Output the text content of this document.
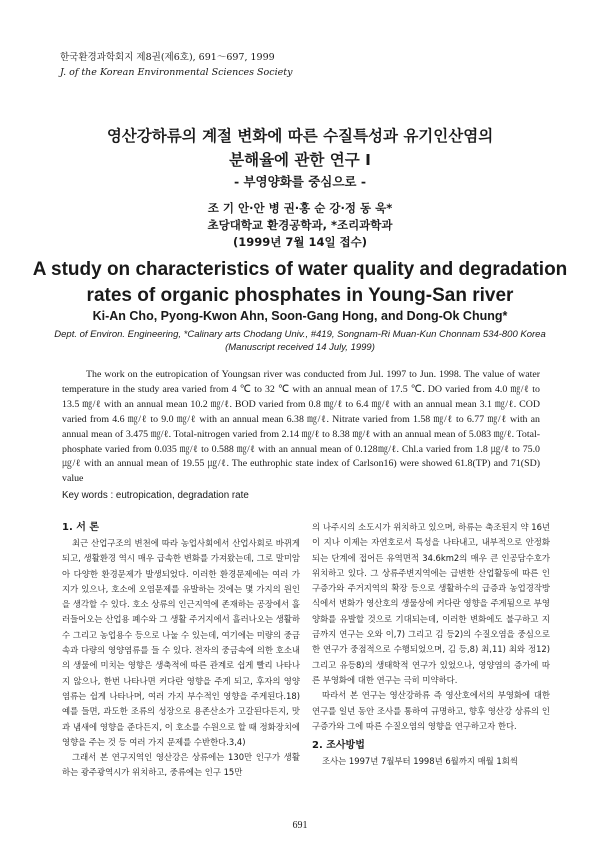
한국환경과학회지 제8권(제6호), 691～697, 1999
J. of the Korean Environmental Sciences Society
영산강하류의 계절 변화에 따른 수질특성과 유기인산염의
분해율에 관한 연구 Ⅰ
- 부영양화를 중심으로 -
조 기 안·안 병 권·홍 순 강·정 동 욱*
초당대학교 환경공학과, *조리과학과
(1999년 7월 14일 접수)
A study on characteristics of water quality and degradation
rates of organic phosphates in Young-San river
Ki-An Cho, Pyong-Kwon Ahn, Soon-Gang Hong, and Dong-Ok Chung*
Dept. of Environ. Engineering, *Calinary arts Chodang Univ., #419, Songnam-Ri Muan-Kun Chonnam 534-800 Korea
(Manuscript received 14 July, 1999)

The work on the eutropication of Youngsan river was conducted from Jul. 1997 to Jun. 1998. The value of water temperature in the study area varied from 4 ℃ to 32 ℃ with an annual mean of 17.5 ℃. DO varied from 4.0 ㎎/ℓ to 13.5 ㎎/ℓ with an annual mean 10.2 ㎎/ℓ. BOD varied from 0.8 ㎎/ℓ to 6.4 ㎎/ℓ with an annual mean 3.1 ㎎/ℓ. COD varied from 4.6 ㎎/ℓ to 9.0 ㎎/ℓ with an annual mean 6.38 ㎎/ℓ. Nitrate varied from 1.58 ㎎/ℓ to 6.77 ㎎/ℓ with an annual mean of 3.475 ㎎/ℓ. Total-nitrogen varied from 2.14 ㎎/ℓ to 8.38 ㎎/ℓ with an annual mean of 5.083 ㎎/ℓ. Total-phosphate varied from 0.035 ㎎/ℓ to 0.588 ㎎/ℓ with an annual mean of 0.128㎎/ℓ. Chl.a varied from 1.8 ㎍/ℓ to 75.0 ㎍/ℓ with an annual mean of 19.55 ㎍/ℓ. The euthrophic state index of Carlson16) were showed 61.8(TP) and 71(SD) value

Key words : eutropication, degradation rate
1. 서 론

최근 산업구조의 변천에 따라 농업사회에서 산업사회로 바뀌게 되고, 생활환경 역시 매우 급속한 변화를 가져왔는데, 그로 말미암아 다양한 환경문제가 발생되었다. 이러한 환경문제에는 여러 가지가 있으나, 호소에 오염문제를 유발하는 것에는 몇 가지의 원인을 생각할 수 있다. 호소 상류의 인근지역에 존재하는 공장에서 흘러들어오는 산업용 폐수와 그 생활 주거지에서 흘러나오는 생활하수 그리고 농업용수 등으로 나눌 수 있는데, 여기에는 미량의 중금속과 다량의 영양염류를 들 수 있다. 전자의 중금속에 의한 호소내의 생물에 미치는 영향은 생축적에 따른 관계로 쉽게 빨리 나타나지 않으나, 한번 나타나면 커다란 영향을 주게 되고, 후자의 영양염류는 쉽게 나타나며, 여러 가지 부수적인 영향을 주게된다.18) 예를 들면, 과도한 조류의 성장으로 용존산소가 고갈된다든지, 맛과 냄새에 영향을 준다든지, 이 호소를 수원으로 할 때 정화장치에 영향을 주는 것 등 여러 가지 문제를 수반한다.3,4)

그래서 본 연구지역인 영산강은 상류에는 130만 인구가 생활하는 광주광역시가 위치하고, 중류에는 인구 15만

의 나주시의 소도시가 위치하고 있으며, 하류는 축조된지 약 16년이 지나 이제는 자연호로서 특성을 나타내고, 내부적으로 안정화되는 단계에 접어든 유역면적 34.6km2의 매우 큰 인공담수호가 위치하고 있다. 그 상류주변지역에는 급변한 산업활동에 따른 인구증가와 주거지역의 확장 등으로 생활하수의 급증과 농업경작방식에서 변화가 영산호의 생물상에 커다란 영향을 주게됨으로 부영양화를 유발할 것으로 기대되는데, 이러한 변화에도 불구하고 지금까지 연구는 오와 이,7) 그리고 김 등2)의 수질오염을 중심으로 한 연구가 중점적으로 수행되었으며, 김 등,8) 최,11) 최와 정12) 그리고 유등8)의 생태학적 연구가 있었으나, 영양염의 증가에 따른 부영화에 대한 연구는 극히 미약하다.

따라서 본 연구는 영산강하류 즉 영산호에서의 부영화에 대한 연구를 일년 동안 조사를 통하여 규명하고, 향후 영산강 상류의 인구증가와 그에 따른 수질오염의 영향을 연구하고자 한다.

2. 조사방법

조사는 1997년 7월부터 1998년 6월까지 매월 1회씩

691
